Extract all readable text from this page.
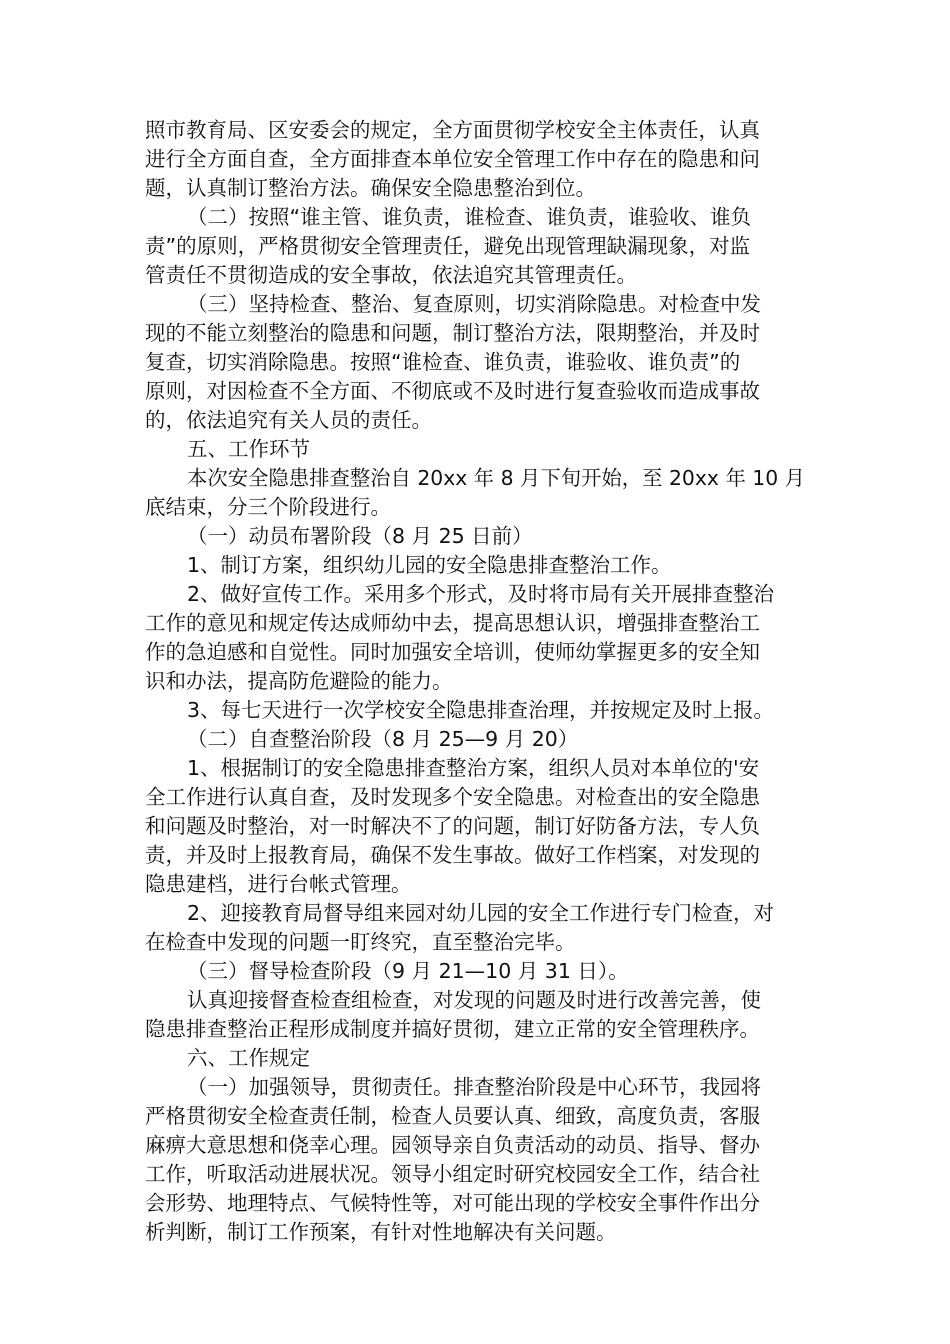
照市教育局、区安委会的规定，全方面贯彻学校安全主体责任，认真
进行全方面自查，全方面排查本单位安全管理工作中存在的隐患和问
题，认真制订整治方法。确保安全隐患整治到位。
（二）按照“谁主管、谁负责，谁检查、谁负责，谁验收、谁负
责”的原则，严格贯彻安全管理责任，避免出现管理缺漏现象，对监
管责任不贯彻造成的安全事故，依法追究其管理责任。
（三）坚持检查、整治、复查原则，切实消除隐患。对检查中发
现的不能立刻整治的隐患和问题，制订整治方法，限期整治，并及时
复查，切实消除隐患。按照“谁检查、谁负责，谁验收、谁负责”的
原则，对因检查不全方面、不彻底或不及时进行复查验收而造成事故
的，依法追究有关人员的责任。
五、工作环节
本次安全隐患排查整治自 20xx 年 8 月下旬开始，至 20xx 年 10 月
底结束，分三个阶段进行。
（一）动员布署阶段（8 月 25 日前）
1、制订方案，组织幼儿园的安全隐患排查整治工作。
2、做好宣传工作。采用多个形式，及时将市局有关开展排查整治
工作的意见和规定传达成师幼中去，提高思想认识，增强排查整治工
作的急迫感和自觉性。同时加强安全培训，使师幼掌握更多的安全知
识和办法，提高防危避险的能力。
3、每七天进行一次学校安全隐患排查治理，并按规定及时上报。
（二）自查整治阶段（8 月 25—9 月 20）
1、根据制订的安全隐患排查整治方案，组织人员对本单位的'安
全工作进行认真自查，及时发现多个安全隐患。对检查出的安全隐患
和问题及时整治，对一时解决不了的问题，制订好防备方法，专人负
责，并及时上报教育局，确保不发生事故。做好工作档案，对发现的
隐患建档，进行台帐式管理。
2、迎接教育局督导组来园对幼儿园的安全工作进行专门检查，对
在检查中发现的问题一盯终究，直至整治完毕。
（三）督导检查阶段（9 月 21—10 月 31 日）。
认真迎接督查检查组检查，对发现的问题及时进行改善完善，使
隐患排查整治正程形成制度并搞好贯彻，建立正常的安全管理秩序。
六、工作规定
（一）加强领导，贯彻责任。排查整治阶段是中心环节，我园将
严格贯彻安全检查责任制，检查人员要认真、细致，高度负责，客服
麻痹大意思想和侥幸心理。园领导亲自负责活动的动员、指导、督办
工作，听取活动进展状况。领导小组定时研究校园安全工作，结合社
会形势、地理特点、气候特性等，对可能出现的学校安全事件作出分
析判断，制订工作预案，有针对性地解决有关问题。
